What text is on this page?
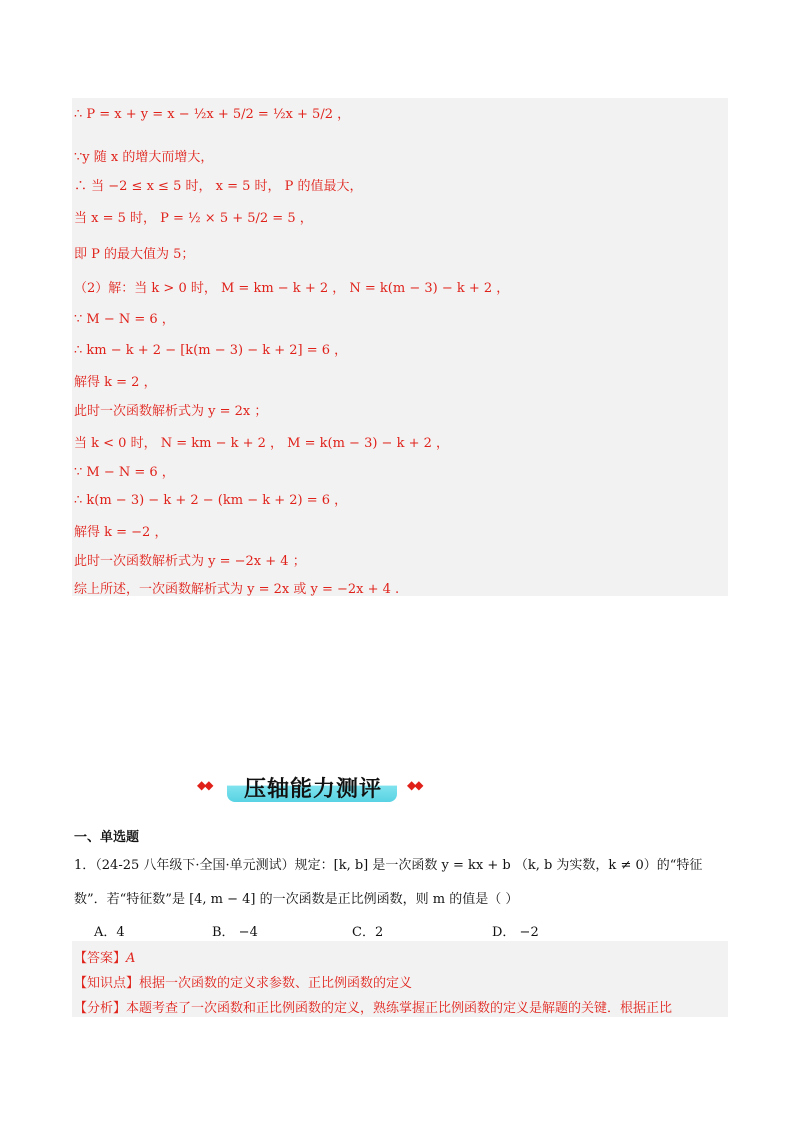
∴ P = x + y = x − ½x + 5/2 = ½x + 5/2 ，
∵y 随 x 的增大而增大，
∴ 当 −2 ≤ x ≤ 5 时， x = 5 时， P 的值最大，
当 x = 5 时， P = ½ × 5 + 5/2 = 5 ，
即 P 的最大值为 5；
（2）解：当 k > 0 时， M = km − k + 2 ， N = k(m − 3) − k + 2 ，
∵ M − N = 6 ，
∴ km − k + 2 − [k(m − 3) − k + 2] = 6 ，
解得 k = 2 ，
此时一次函数解析式为 y = 2x ；
当 k < 0 时， N = km − k + 2 ， M = k(m − 3) − k + 2 ，
∵ M − N = 6 ，
∴ k(m − 3) − k + 2 − (km − k + 2) = 6 ，
解得 k = −2 ，
此时一次函数解析式为 y = −2x + 4 ；
综上所述，一次函数解析式为 y = 2x 或 y = −2x + 4 .
◆◆	压轴能力测评	◆◆
一、单选题
1．（24-25 八年级下·全国·单元测试）规定：[k, b] 是一次函数 y = kx + b （k, b 为实数，k ≠ 0）的“特征
数”．若“特征数”是 [4, m − 4] 的一次函数是正比例函数，则 m 的值是（ ）
A．4	B． −4	C．2	D． −2
【答案】A
【知识点】根据一次函数的定义求参数、正比例函数的定义
【分析】本题考查了一次函数和正比例函数的定义，熟练掌握正比例函数的定义是解题的关键．根据正比
